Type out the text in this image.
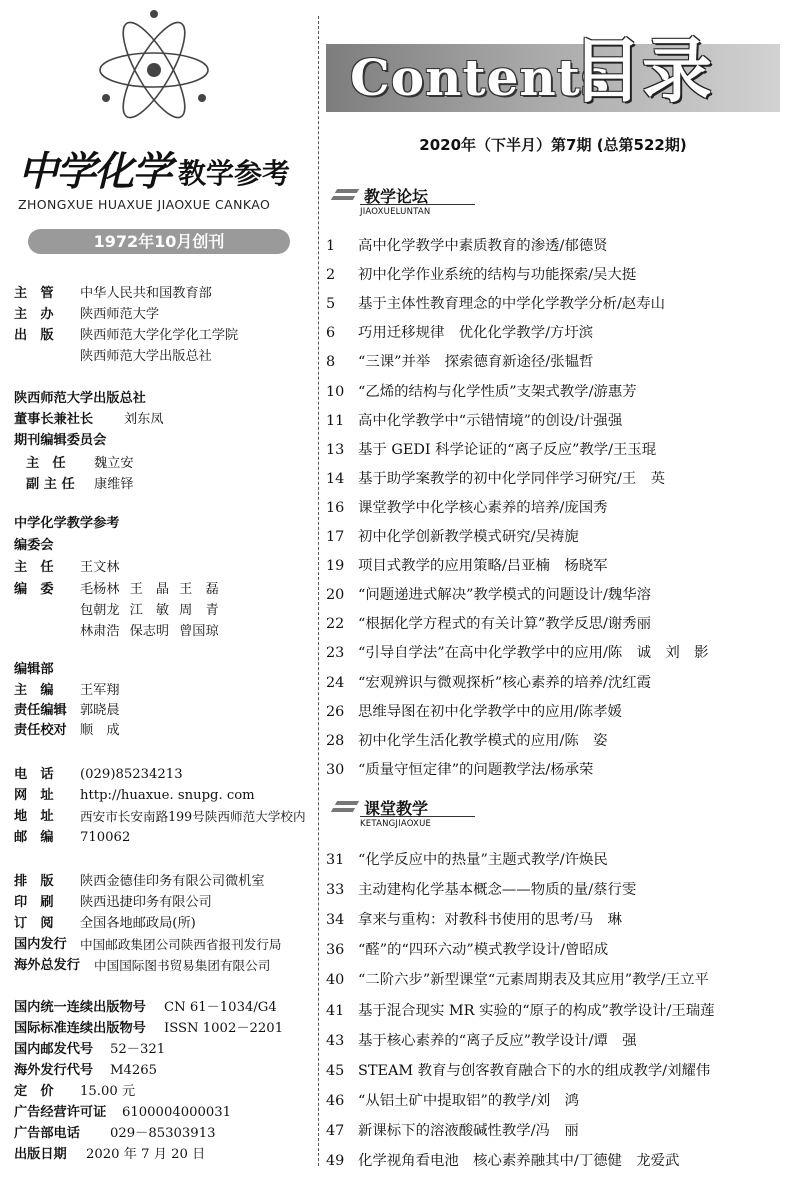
中学化学 教学参考
ZHONGXUE HUAXUE JIAOXUE CANKAO
1972年10月创刊
主　管 中华人民共和国教育部
主　办 陕西师范大学
出　版 陕西师范大学化学化工学院
陕西师范大学出版总社
陕西师范大学出版总社
董事长兼社长 刘东凤
期刊编辑委员会
主　任 魏立安
副 主 任 康维铎
中学化学教学参考
编委会
主　任 王文林
编　委 毛杨林 王　晶 王　磊
包朝龙 江　敏 周　青
林肃浩 保志明 曾国琼
编辑部
主　编 王军翔
责任编辑 郭晓晨
责任校对 顺　成
电　话 (029)85234213
网　址 http://huaxue. snupg. com
地　址 西安市长安南路199号陕西师范大学校内
邮　编 710062
排　版 陕西金德佳印务有限公司微机室
印　刷 陕西迅捷印务有限公司
订　阅 全国各地邮政局(所)
国内发行 中国邮政集团公司陕西省报刊发行局
海外总发行 中国国际图书贸易集团有限公司
国内统一连续出版物号 CN 61－1034/G4
国际标准连续出版物号 ISSN 1002－2201
国内邮发代号 52－321
海外发行代号 M4265
定　价 15.00 元
广告经营许可证 6100004000031
广告部电话 029－85303913
出版日期 2020 年 7 月 20 日
Contents
目录
2020年（下半月）第7期 (总第522期)
教学论坛
JIAOXUELUNTAN
1	高中化学教学中素质教育的渗透/郁德贤
2	初中化学作业系统的结构与功能探索/吴大挺
5	基于主体性教育理念的中学化学教学分析/赵寿山
6	巧用迁移规律　优化化学教学/方圩滨
8	“三课”并举　探索德育新途径/张韫哲
10 “乙烯的结构与化学性质”支架式教学/游惠芳
11 高中化学教学中“示错情境”的创设/计强强
13 基于 GEDI 科学论证的“离子反应”教学/王玉琨
14 基于助学案教学的初中化学同伴学习研究/王　英
16 课堂教学中化学核心素养的培养/庞国秀
17 初中化学创新教学模式研究/吴祷旎
19 项目式教学的应用策略/吕亚楠　杨晓军
20 “问题递进式解决”教学模式的问题设计/魏华溶
22 “根据化学方程式的有关计算”教学反思/谢秀丽
23 “引导自学法”在高中化学教学中的应用/陈　诚　刘　影
24 “宏观辨识与微观探析”核心素养的培养/沈红霞
26 思维导图在初中化学教学中的应用/陈孝媛
28 初中化学生活化教学模式的应用/陈　姿
30 “质量守恒定律”的问题教学法/杨承荣
课堂教学
KETANGJIAOXUE
31 “化学反应中的热量”主题式教学/许焕民
33 主动建构化学基本概念——物质的量/蔡行雯
34 拿来与重构：对教科书使用的思考/马　琳
36 “醛”的“四环六动”模式教学设计/曾昭成
40 “二阶六步”新型课堂“元素周期表及其应用”教学/王立平
41 基于混合现实 MR 实验的“原子的构成”教学设计/王瑞莲
43 基于核心素养的“离子反应”教学设计/谭　强
45 STEAM 教育与创客教育融合下的水的组成教学/刘耀伟
46 “从铝土矿中提取铝”的教学/刘　鸿
47 新课标下的溶液酸碱性教学/冯　丽
49 化学视角看电池　核心素养融其中/丁德健　龙爱武
